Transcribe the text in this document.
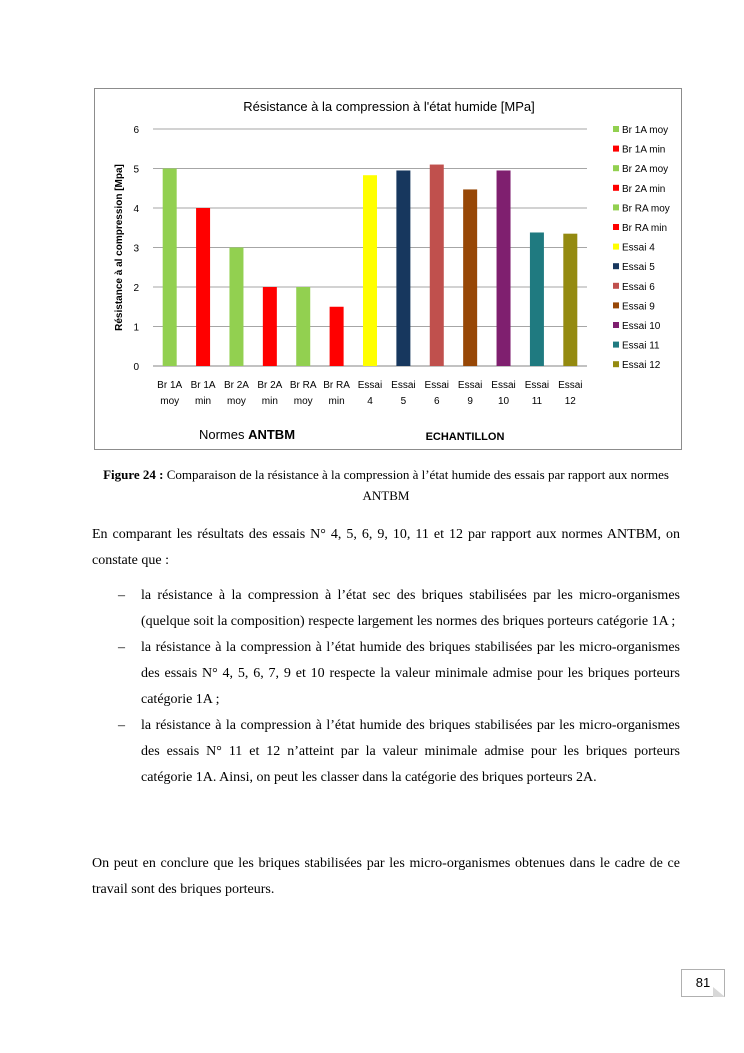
Résistance à la compression à l'état humide [MPa]
0
1
2
3
4
5
6
Résistance à al compression [Mpa]
Br 1A
moy
Br 1A
min
Br 2A
moy
Br 2A
min
Br RA
moy
Br RA
min
Essai
4
Essai
5
Essai
6
Essai
9
Essai
10
Essai
11
Essai
12
Normes ANTBM	ECHANTILLON
Br 1A moy
Br 1A min
Br 2A moy
Br 2A min
Br RA moy
Br RA min
Essai 4
Essai 5
Essai 6
Essai 9
Essai 10
Essai 11
Essai 12
Figure 24 : Comparaison de la résistance à la compression à l’état humide des essais par rapport aux normes ANTBM

En comparant les résultats des essais N° 4, 5, 6, 9, 10, 11 et 12 par rapport aux normes ANTBM, on constate que :

– la résistance à la compression à l’état sec des briques stabilisées par les micro-organismes (quelque soit la composition) respecte largement les normes des briques porteurs catégorie 1A ;
– la résistance à la compression à l’état humide des briques stabilisées par les micro-organismes des essais N° 4, 5, 6, 7, 9 et 10 respecte la valeur minimale admise pour les briques porteurs catégorie 1A ;
– la résistance à la compression à l’état humide des briques stabilisées par les micro-organismes des essais N° 11 et 12 n’atteint par la valeur minimale admise pour les briques porteurs catégorie 1A. Ainsi, on peut les classer dans la catégorie des briques porteurs 2A.

On peut en conclure que les briques stabilisées par les micro-organismes obtenues dans le cadre de ce travail sont des briques porteurs.

81
